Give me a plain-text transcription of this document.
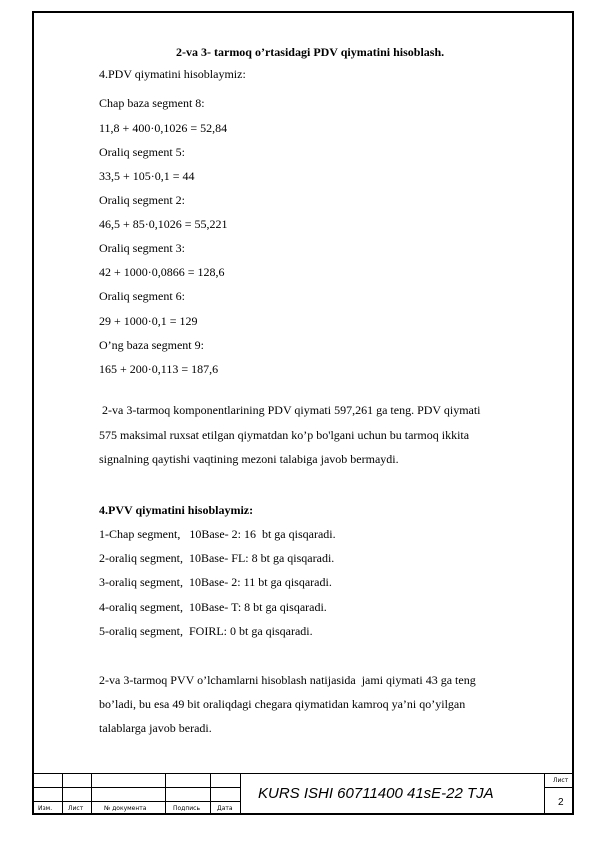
2-va 3- tarmoq o’rtasidagi PDV qiymatini hisoblash.
4.PDV qiymatini hisoblaymiz:
Chap baza segment 8:
11,8 + 400·0,1026 = 52,84
Oraliq segment 5:
33,5 + 105·0,1 = 44
Oraliq segment 2:
46,5 + 85·0,1026 = 55,221
Oraliq segment 3:
42 + 1000·0,0866 = 128,6
Oraliq segment 6:
29 + 1000·0,1 = 129
O’ng baza segment 9:
165 + 200·0,113 = 187,6
2-va 3-tarmoq komponentlarining PDV qiymati 597,261 ga teng. PDV qiymati
575 maksimal ruxsat etilgan qiymatdan ko’p bo'lgani uchun bu tarmoq ikkita
signalning qaytishi vaqtining mezoni talabiga javob bermaydi.
4.PVV qiymatini hisoblaymiz:
1-Chap segment,   10Base- 2: 16  bt ga qisqaradi.
2-oraliq segment,  10Base- FL: 8 bt ga qisqaradi.
3-oraliq segment,  10Base- 2: 11 bt ga qisqaradi.
4-oraliq segment,  10Base- T: 8 bt ga qisqaradi.
5-oraliq segment,  FOIRL: 0 bt ga qisqaradi.
2-va 3-tarmoq PVV o’lchamlarni hisoblash natijasida  jami qiymati 43 ga teng
bo’ladi, bu esa 49 bit oraliqdagi chegara qiymatidan kamroq ya’ni qo’yilgan
talablarga javob beradi.
Изм.	Лист	№ документа	Подпись	Дата
KURS ISHI 60711400 41sE-22 TJA
Лист
2
